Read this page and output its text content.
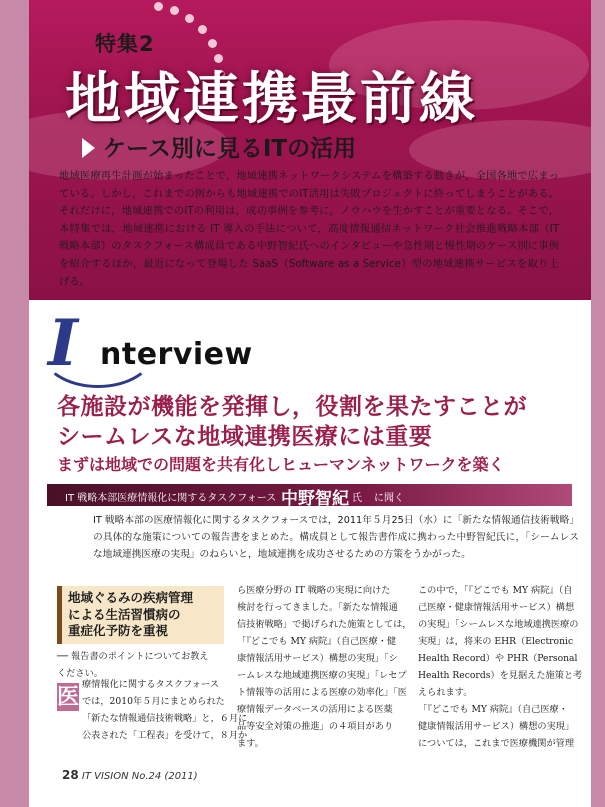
特集2
地域連携最前線
ケース別に見るITの活用
地域医療再生計画が始まったことで，地域連携ネットワークシステムを構築する動きが，全国各地で広まっている。しかし，これまでの例からも地域連携でのIT活用は失敗プロジェクトに終ってしまうことがある。それだけに，地域連携でのITの利用は，成功事例を参考に，ノウハウを生かすことが重要となる。そこで，本特集では，地域連携における IT 導入の手法について，高度情報通信ネットワーク社会推進戦略本部（IT 戦略本部）のタスクフォース構成員である中野智紀氏へのインタビューや急性期と慢性期のケース別に事例を紹介するほか，最近になって登場した SaaS（Software as a Service）型の地域連携サービスを取り上げる。
I nterview
各施設が機能を発揮し，役割を果たすことが
シームレスな地域連携医療には重要
まずは地域での問題を共有化しヒューマンネットワークを築く
IT 戦略本部医療情報化に関するタスクフォース 中野智紀 氏 に聞く
IT 戦略本部の医療情報化に関するタスクフォースでは，2011年５月25日（水）に「新たな情報通信技術戦略」の具体的な施策についての報告書をまとめた。構成員として報告書作成に携わった中野智紀氏に，「シームレスな地域連携医療の実現」のねらいと，地域連携を成功させるための方策をうかがった。
地域ぐるみの疾病管理
による生活習慣病の
重症化予防を重視
── 報告書のポイントについてお教え
ください。
医 療情報化に関するタスクフォース
では，2010年５月にまとめられた
「新たな情報通信技術戦略」と，６月に
公表された「工程表」を受けて，８月か
ら医療分野の IT 戦略の実現に向けた
検討を行ってきました。「新たな情報通
信技術戦略」で掲げられた施策としては，
「『どこでも MY 病院』（自己医療・健
康情報活用サービス）構想の実現」「シ
ームレスな地域連携医療の実現」「レセプ
ト情報等の活用による医療の効率化」「医
療情報データベースの活用による医薬
品等安全対策の推進」の４項目があり
ます。
この中で，「『どこでも MY 病院』（自
己医療・健康情報活用サービス）構想
の実現」「シームレスな地域連携医療の
実現」は，将来の EHR（Electronic
Health Record）や PHR（Personal
Health Records）を見据えた施策と考
えられます。
「『どこでも MY 病院』（自己医療・
健康情報活用サービス）構想の実現」
については，これまで医療機関が管理
28 IT VISION No.24 (2011)
